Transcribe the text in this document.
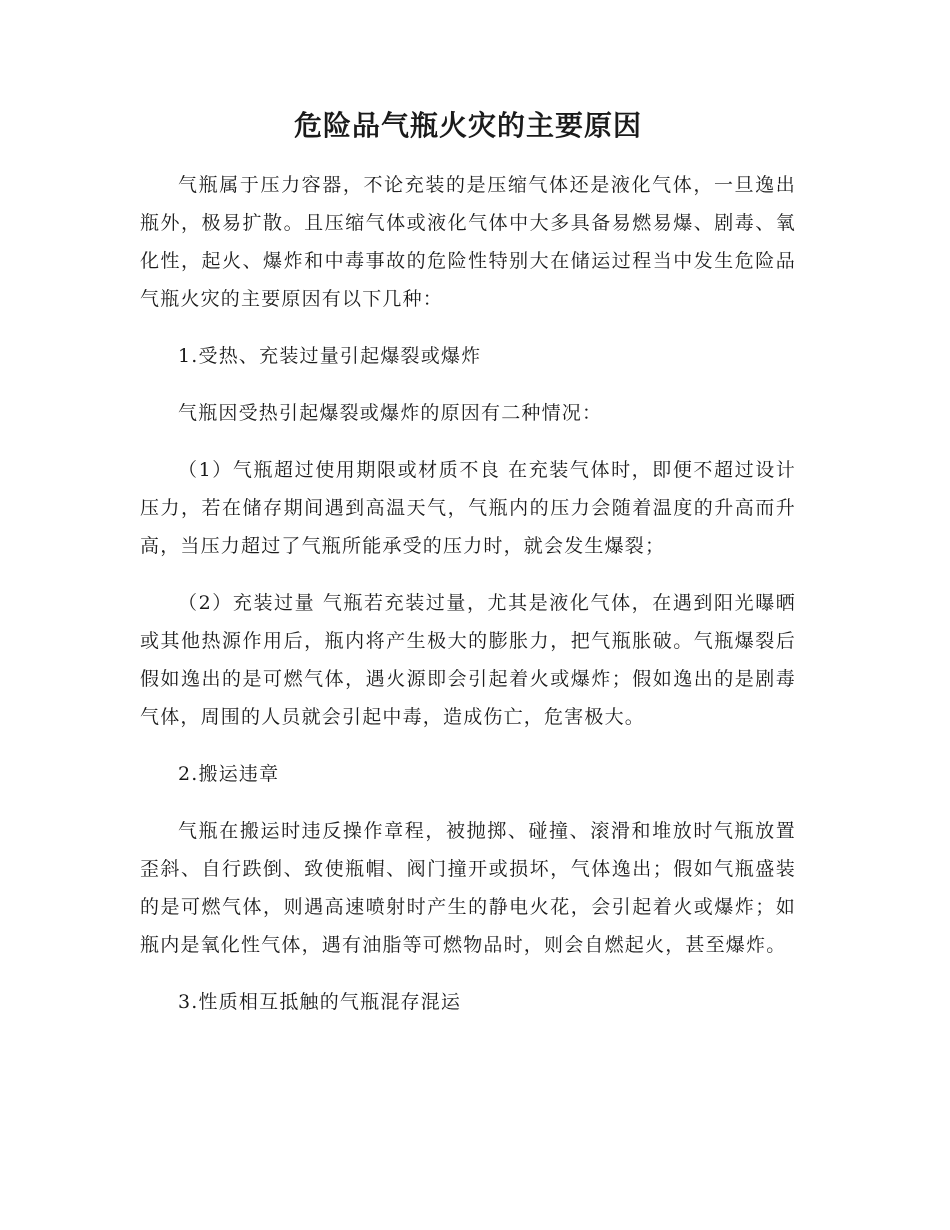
危险品气瓶火灾的主要原因

气瓶属于压力容器，不论充装的是压缩气体还是液化气体，一旦逸出瓶外，极易扩散。且压缩气体或液化气体中大多具备易燃易爆、剧毒、氧化性，起火、爆炸和中毒事故的危险性特别大在储运过程当中发生危险品气瓶火灾的主要原因有以下几种：

1.受热、充装过量引起爆裂或爆炸

气瓶因受热引起爆裂或爆炸的原因有二种情况：

（1）气瓶超过使用期限或材质不良 在充装气体时，即便不超过设计压力，若在储存期间遇到高温天气，气瓶内的压力会随着温度的升高而升高，当压力超过了气瓶所能承受的压力时，就会发生爆裂；

（2）充装过量 气瓶若充装过量，尤其是液化气体，在遇到阳光曝晒或其他热源作用后，瓶内将产生极大的膨胀力，把气瓶胀破。气瓶爆裂后假如逸出的是可燃气体，遇火源即会引起着火或爆炸；假如逸出的是剧毒气体，周围的人员就会引起中毒，造成伤亡，危害极大。

2.搬运违章

气瓶在搬运时违反操作章程，被抛掷、碰撞、滚滑和堆放时气瓶放置歪斜、自行跌倒、致使瓶帽、阀门撞开或损坏，气体逸出；假如气瓶盛装的是可燃气体，则遇高速喷射时产生的静电火花，会引起着火或爆炸；如瓶内是氧化性气体，遇有油脂等可燃物品时，则会自燃起火，甚至爆炸。

3.性质相互抵触的气瓶混存混运
